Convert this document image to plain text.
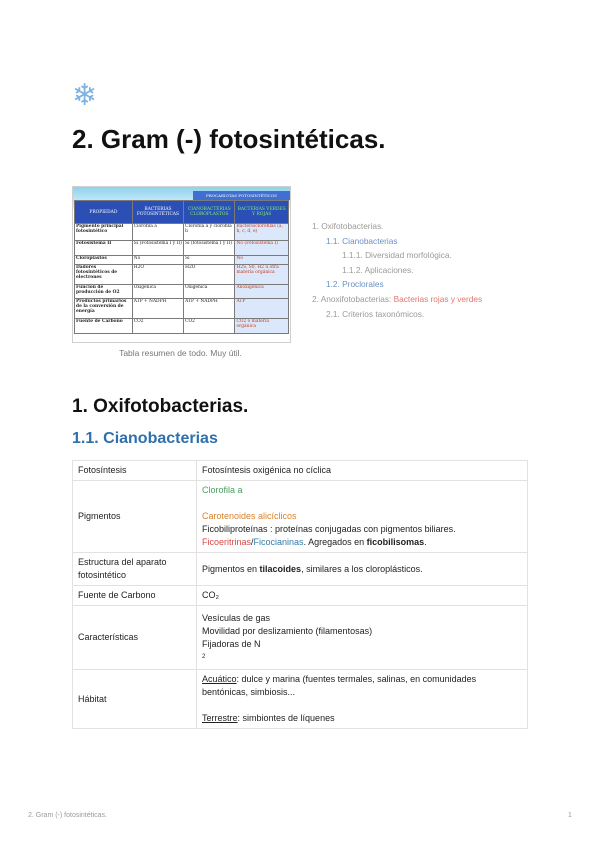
❄
2. Gram (-) fotosintéticas.
PROCARIOTAS FOTOSINTÉTICOS
PROPIEDAD	BACTERIAS FOTOSINTÉTICAS	CIANOBACTERIAS CLOROPLASTOS	BACTERIAS VERDES Y ROJAS
Pigmento principal fotosintético	Clorofila a	Clorofila a y clorofila b	Bacterioclorofilas (a, b, c, d, e)
Fotosistema II	Sí (Fotosistema I y II)	Sí (fotosistema I y II)	No (Fotosistema I)
Cloroplastos	No	Sí	No
Dadores fotosintéticos de electrones	H2O	H2O	H2S, S0, H2 u otra materia orgánica
Función de producción de O2	Oxigénica	Oxigénica	Anoxigénica
Productos primarios de la conversión de energía	ATP + NADPH	ATP + NADPH	ATP
Fuente de Carbono	CO2	CO2	CO2 o materia orgánica
Tabla resumen de todo. Muy útil.
1. Oxifotobacterias.
1.1. Cianobacterias
1.1.1. Diversidad morfológica.
1.1.2. Aplicaciones.
1.2. Proclorales
2. Anoxifotobacterias: Bacterias rojas y verdes
2.1. Criterios taxonómicos.
1. Oxifotobacterias.
1.1. Cianobacterias
Fotosíntesis	Fotosíntesis oxigénica no cíclica
Pigmentos	Clorofila a
Carotenoides alicíclicos
Ficobiliproteínas : proteínas conjugadas con pigmentos biliares.
Ficoeritrinas/Ficocianinas. Agregados en ficobilisomas.

Estructura del aparato fotosintético	Pigmentos en tilacoides, similares a los cloroplásticos.
Fuente de Carbono	CO₂
Características	Vesículas de gas
Movilidad por deslizamiento (filamentosas)
Fijadoras de N
2

Hábitat	Acuático: dulce y marina (fuentes termales, salinas, en comunidades bentónicas, simbiosis...
Terrestre: simbiontes de líquenes
2. Gram (-) fotosintéticas.	1
